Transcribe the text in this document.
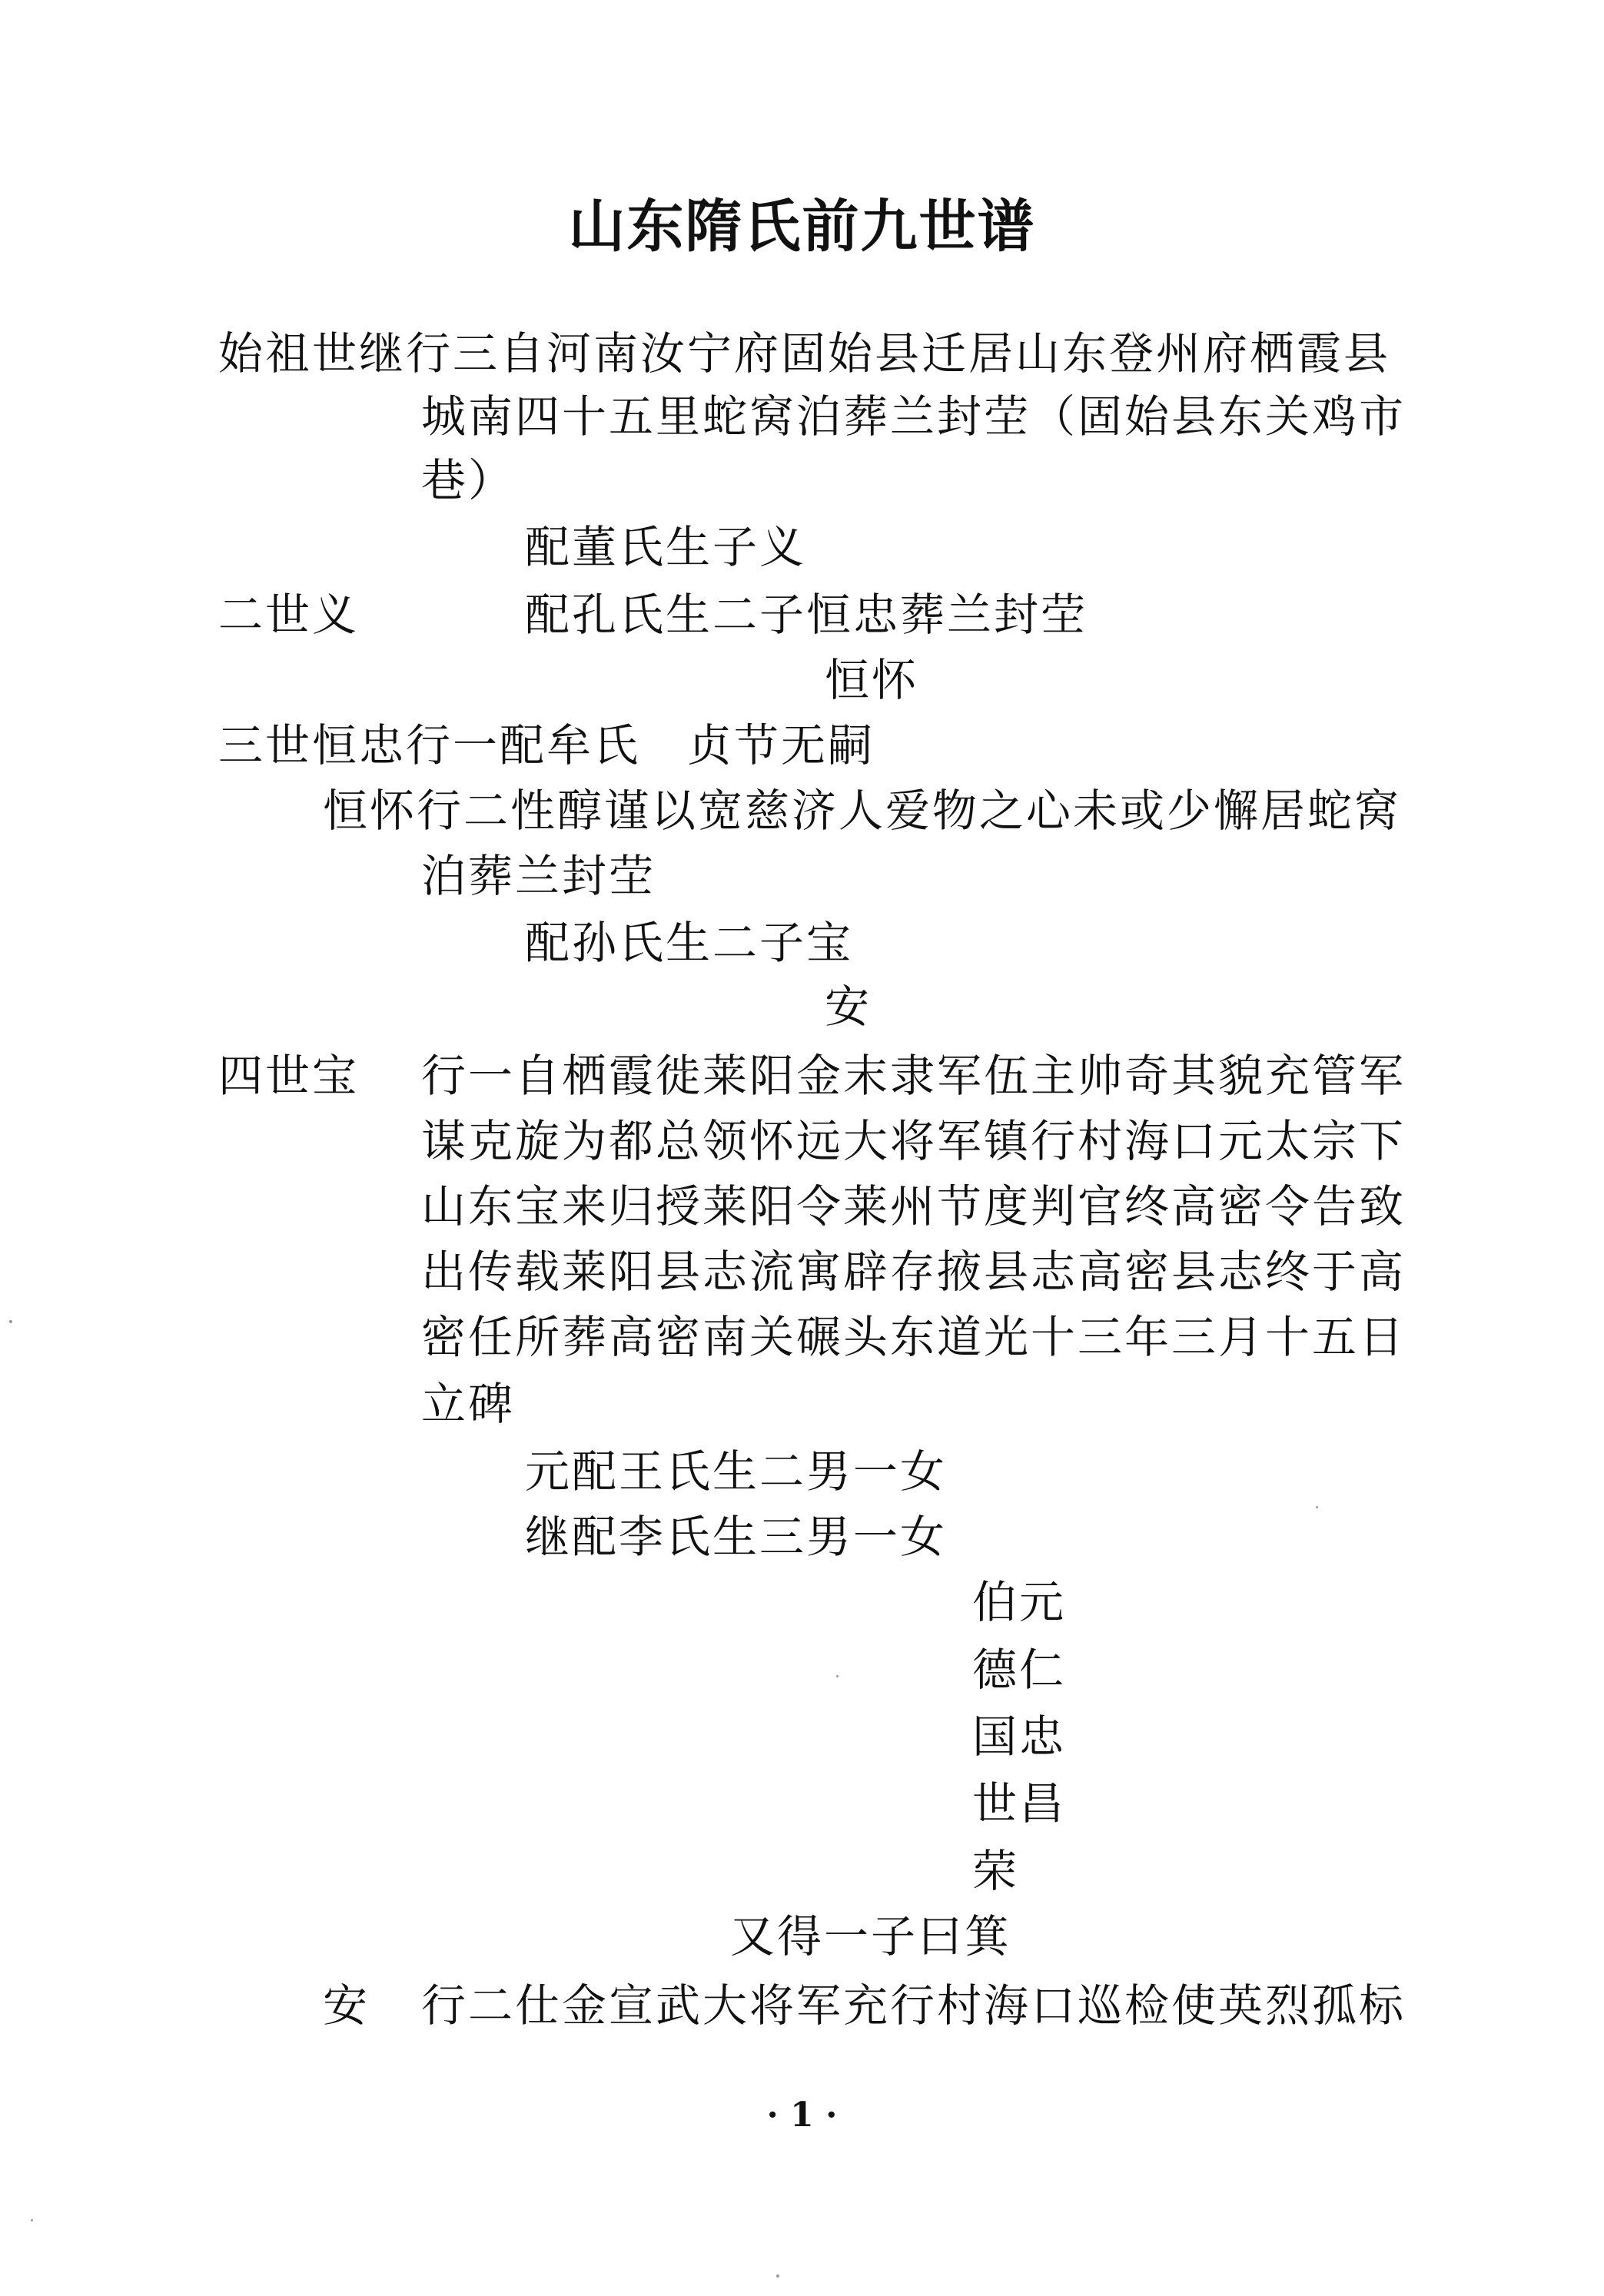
山东隋氏前九世谱
始祖世继行三自河南汝宁府固始县迁居山东登州府栖霞县
城南四十五里蛇窝泊葬兰封茔（固始县东关鸡市
巷）
配董氏生子义
二世义	配孔氏生二子恒忠葬兰封茔
恒怀
三世恒忠行一配牟氏　贞节无嗣
恒怀行二性醇谨以宽慈济人爱物之心未或少懈居蛇窝
泊葬兰封茔
配孙氏生二子宝
安
四世宝 行一自栖霞徙莱阳金末隶军伍主帅奇其貌充管军
谋克旋为都总领怀远大将军镇行村海口元太宗下
山东宝来归授莱阳令莱州节度判官终高密令告致
出传载莱阳县志流寓辟存掖县志高密县志终于高
密任所葬高密南关碾头东道光十三年三月十五日
立碑
元配王氏生二男一女
继配李氏生三男一女
伯元
德仁
国忠
世昌
荣
又得一子曰箕
安 行二仕金宣武大将军充行村海口巡检使英烈孤标
· 1 ·
